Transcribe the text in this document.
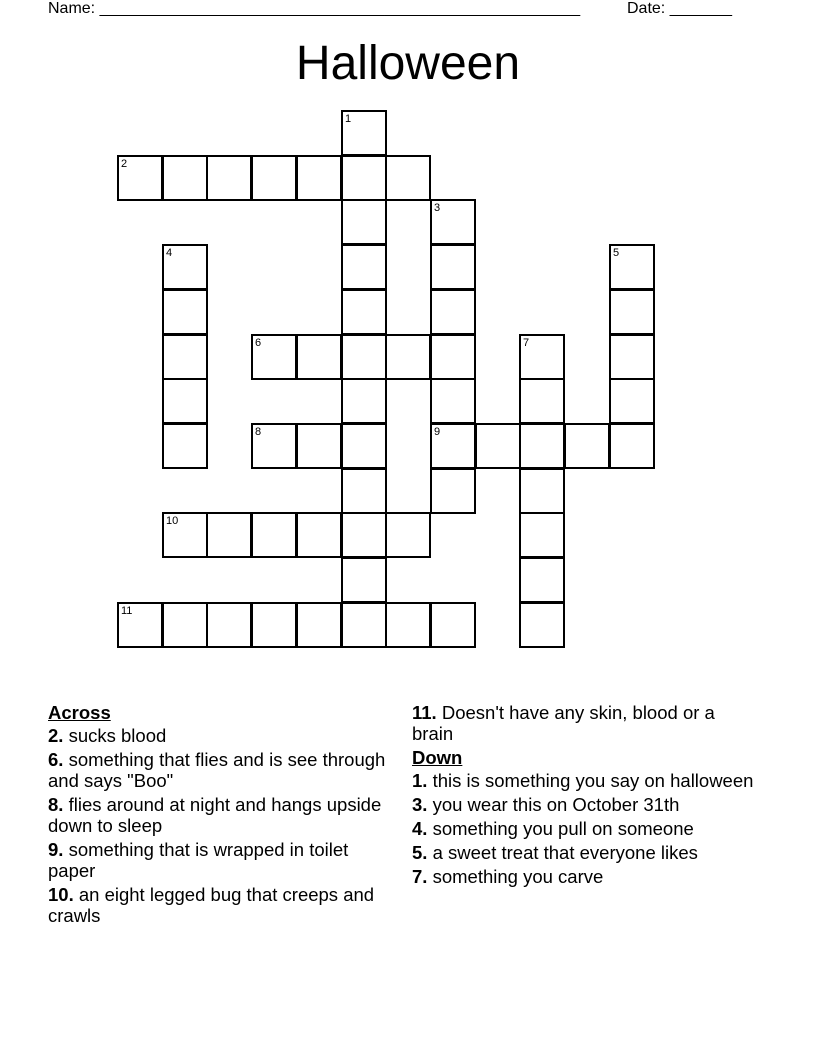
Name: ______________________________________________________	Date: _______
Halloween
1
2
3
4	5
6	7
8	9
10
11
Across
2. sucks blood
6. something that flies and is see through and says "Boo"
8. flies around at night and hangs upside down to sleep
9. something that is wrapped in toilet paper
10. an eight legged bug that creeps and crawls
11. Doesn't have any skin, blood or a brain
Down
1. this is something you say on halloween
3. you wear this on October 31th
4. something you pull on someone
5. a sweet treat that everyone likes
7. something you carve
